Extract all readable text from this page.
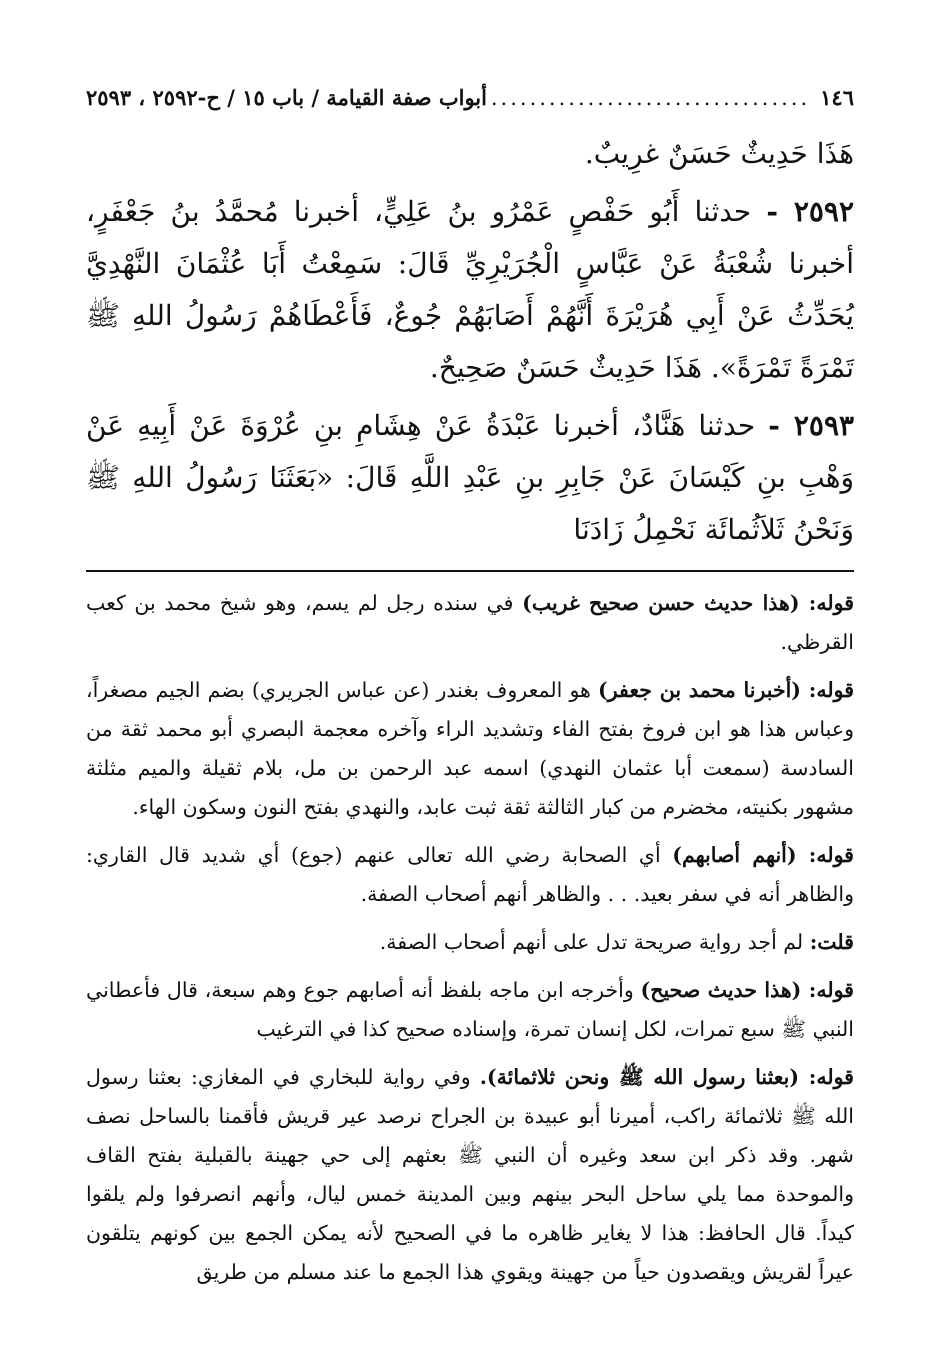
١٤٦
.....
أبواب صفة القيامة / باب ١٥ / ح-٢٥٩٢ ، ٢٥٩٣

هَذَا حَدِيثٌ حَسَنٌ غرِيبٌ.

٢٥٩٢ - حدثنا أَبُو حَفْصٍ عَمْرُو بنُ عَلِيٍّ، أخبرنا مُحمَّدُ بنُ جَعْفَرٍ، أخبرنا شُعْبَةُ عَنْ عَبَّاسٍ الْجُرَيْرِيِّ قَالَ: سَمِعْتُ أَبَا عُثْمَانَ النَّهْدِيَّ يُحَدِّثُ عَنْ أَبِي هُرَيْرَةَ أَنَّهُمْ أَصَابَهُمْ جُوعٌ، فَأَعْطَاهُمْ رَسُولُ اللهِ ﷺ تَمْرَةً تَمْرَةً». هَذَا حَدِيثٌ حَسَنٌ صَحِيحٌ.

٢٥٩٣ - حدثنا هَنَّادٌ، أخبرنا عَبْدَةُ عَنْ هِشَامِ بنِ عُرْوَةَ عَنْ أَبِيهِ عَنْ وَهْبِ بنِ كَيْسَانَ عَنْ جَابِرِ بنِ عَبْدِ اللَّهِ قَالَ: «بَعَثَنَا رَسُولُ اللهِ ﷺ وَنَحْنُ ثَلاَثُمائَة نَحْمِلُ زَادَنَا

قوله: (هذا حديث حسن صحيح غريب) في سنده رجل لم يسم، وهو شيخ محمد بن كعب القرظي.

قوله: (أخبرنا محمد بن جعفر) هو المعروف بغندر (عن عباس الجريري) بضم الجيم مصغراً، وعباس هذا هو ابن فروخ بفتح الفاء وتشديد الراء وآخره معجمة البصري أبو محمد ثقة من السادسة (سمعت أبا عثمان النهدي) اسمه عبد الرحمن بن مل، بلام ثقيلة والميم مثلثة مشهور بكنيته، مخضرم من كبار الثالثة ثقة ثبت عابد، والنهدي بفتح النون وسكون الهاء.

قوله: (أنهم أصابهم) أي الصحابة رضي الله تعالى عنهم (جوع) أي شديد قال القاري: والظاهر أنه في سفر بعيد. . . والظاهر أنهم أصحاب الصفة.

قلت: لم أجد رواية صريحة تدل على أنهم أصحاب الصفة.

قوله: (هذا حديث صحيح) وأخرجه ابن ماجه بلفظ أنه أصابهم جوع وهم سبعة، قال فأعطاني النبي ﷺ سبع تمرات، لكل إنسان تمرة، وإسناده صحيح كذا في الترغيب

قوله: (بعثنا رسول الله ﷺ ونحن ثلاثمائة). وفي رواية للبخاري في المغازي: بعثنا رسول الله ﷺ ثلاثمائة راكب، أميرنا أبو عبيدة بن الجراح نرصد عير قريش فأقمنا بالساحل نصف شهر. وقد ذكر ابن سعد وغيره أن النبي ﷺ بعثهم إلى حي جهينة بالقبلية بفتح القاف والموحدة مما يلي ساحل البحر بينهم وبين المدينة خمس ليال، وأنهم انصرفوا ولم يلقوا كيداً. قال الحافظ: هذا لا يغاير ظاهره ما في الصحيح لأنه يمكن الجمع بين كونهم يتلقون عيراً لقريش ويقصدون حياً من جهينة ويقوي هذا الجمع ما عند مسلم من طريق
